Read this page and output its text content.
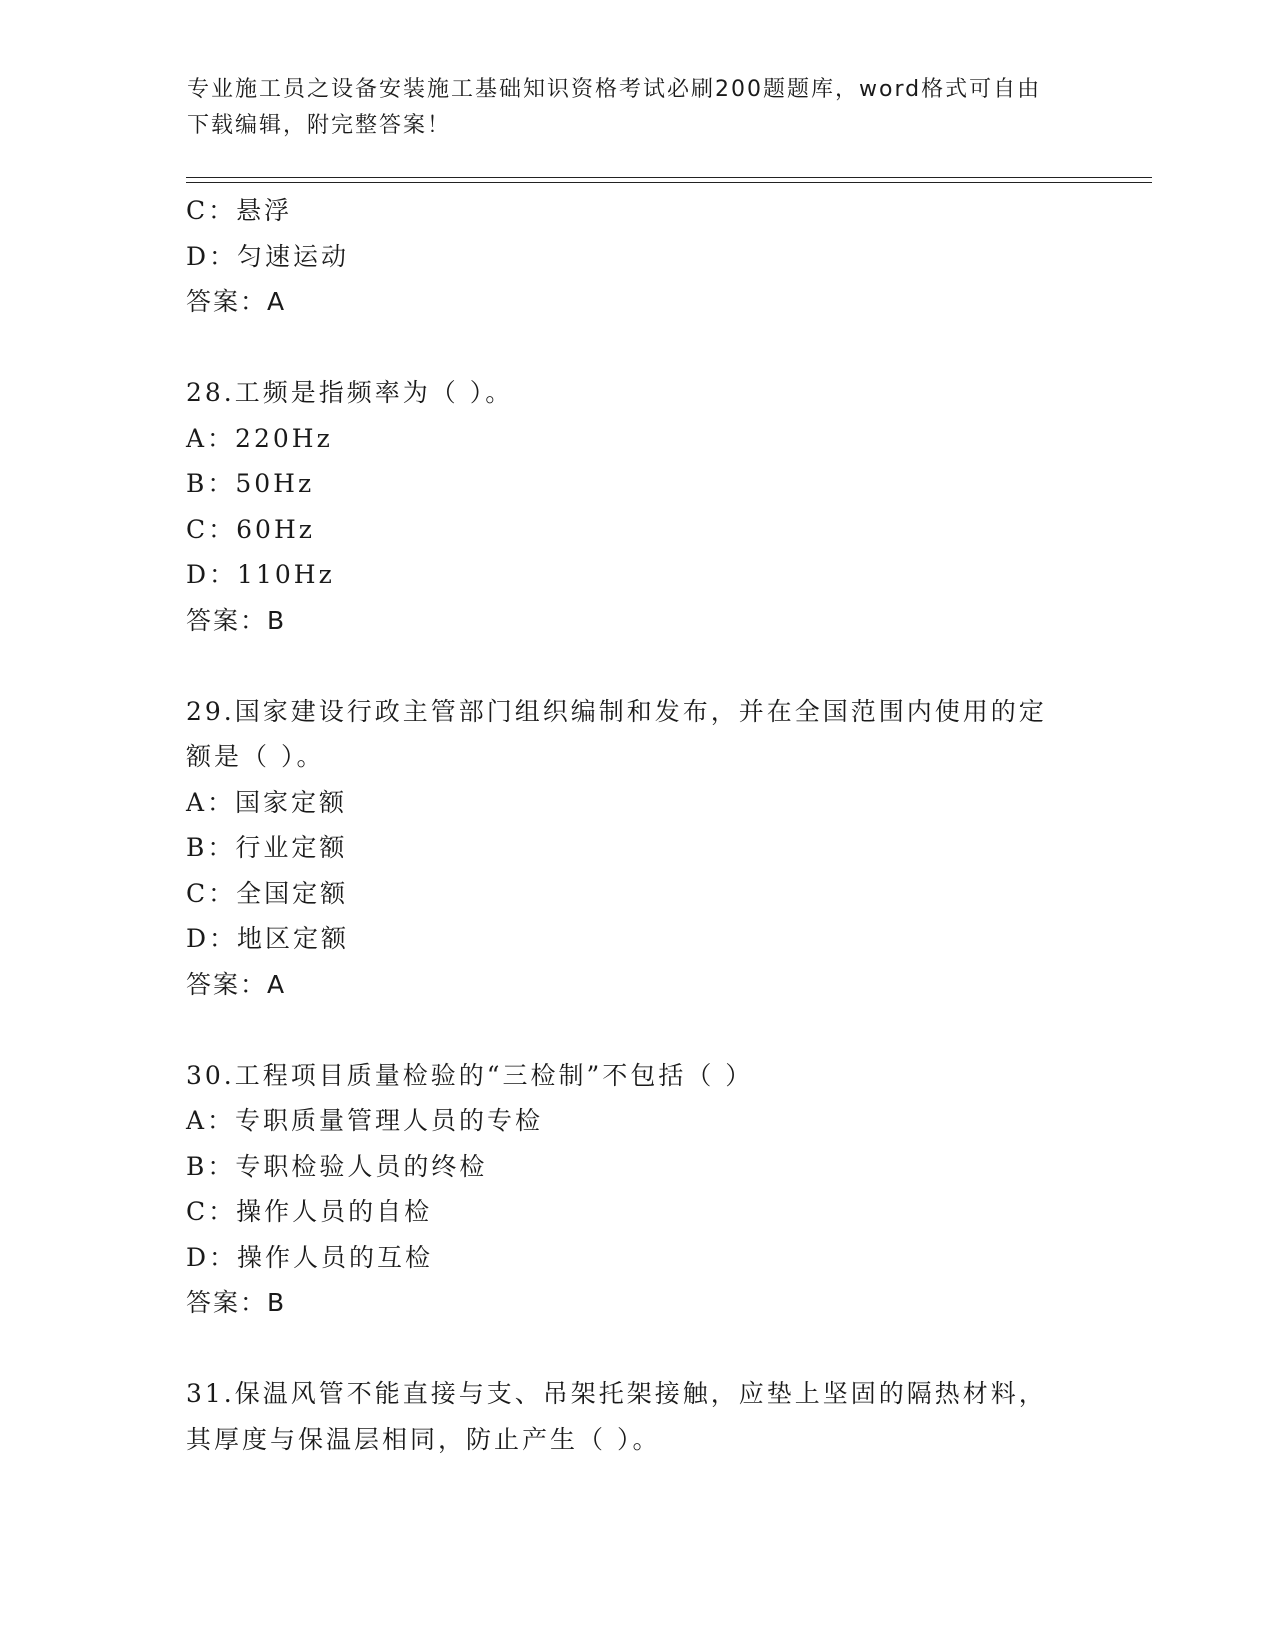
专业施工员之设备安装施工基础知识资格考试必刷200题题库，word格式可自由
下载编辑，附完整答案！
C：悬浮
D：匀速运动
答案：A
28.工频是指频率为（ ）。
A：220Hz
B：50Hz
C：60Hz
D：110Hz
答案：B
29.国家建设行政主管部门组织编制和发布，并在全国范围内使用的定
额是（ ）。
A：国家定额
B：行业定额
C：全国定额
D：地区定额
答案：A
30.工程项目质量检验的“三检制”不包括（ ）
A：专职质量管理人员的专检
B：专职检验人员的终检
C：操作人员的自检
D：操作人员的互检
答案：B
31.保温风管不能直接与支、吊架托架接触，应垫上坚固的隔热材料，
其厚度与保温层相同，防止产生（ ）。
